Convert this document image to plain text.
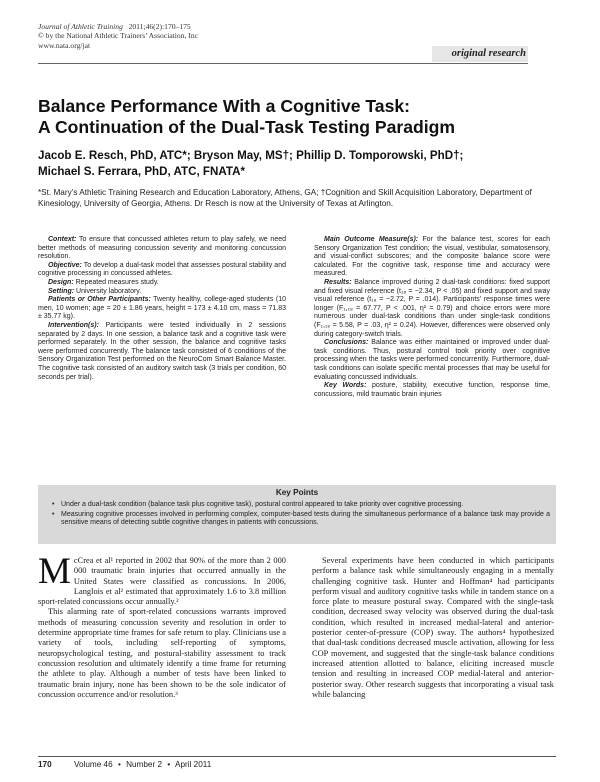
Journal of Athletic Training 2011;46(2):170–175
© by the National Athletic Trainers’ Association, Inc
www.nata.org/jat
original research
Balance Performance With a Cognitive Task:
A Continuation of the Dual-Task Testing Paradigm

Jacob E. Resch, PhD, ATC*; Bryson May, MS†; Phillip D. Tomporowski, PhD†;
Michael S. Ferrara, PhD, ATC, FNATA*

*St. Mary’s Athletic Training Research and Education Laboratory, Athens, GA; †Cognition and Skill Acquisition Laboratory, Department of Kinesiology, University of Georgia, Athens. Dr Resch is now at the University of Texas at Arlington.

Context: To ensure that concussed athletes return to play safely, we need better methods of measuring concussion severity and monitoring concussion resolution.

Objective: To develop a dual-task model that assesses postural stability and cognitive processing in concussed athletes.

Design: Repeated measures study.

Setting: University laboratory.

Patients or Other Participants: Twenty healthy, college-aged students (10 men, 10 women; age = 20 ± 1.86 years, height = 173 ± 4.10 cm, mass = 71.83 ± 35.77 kg).

Intervention(s): Participants were tested individually in 2 sessions separated by 2 days. In one session, a balance task and a cognitive task were performed separately. In the other session, the balance and cognitive tasks were performed concurrently. The balance task consisted of 6 conditions of the Sensory Organization Test performed on the NeuroCom Smart Balance Master. The cognitive task consisted of an auditory switch task (3 trials per condition, 60 seconds per trial).

Main Outcome Measure(s): For the balance test, scores for each Sensory Organization Test condition; the visual, vestibular, somatosensory, and visual-conflict subscores; and the composite balance score were calculated. For the cognitive task, response time and accuracy were measured.

Results: Balance improved during 2 dual-task conditions: fixed support and fixed visual reference (t₁₈ = −2.34, P < .05) and fixed support and sway visual reference (t₁₈ = −2.72, P = .014). Participants’ response times were longer (F₁,₁₈ = 67.77, P < .001, η² = 0.79) and choice errors were more numerous under dual-task conditions than under single-task conditions (F₁,₁₈ = 5.58, P = .03, η² = 0.24). However, differences were observed only during category-switch trials.

Conclusions: Balance was either maintained or improved under dual-task conditions. Thus, postural control took priority over cognitive processing when the tasks were performed concurrently. Furthermore, dual-task conditions can isolate specific mental processes that may be useful for evaluating concussed individuals.

Key Words: posture, stability, executive function, response time, concussions, mild traumatic brain injuries

Key Points
• Under a dual-task condition (balance task plus cognitive task), postural control appeared to take priority over cognitive processing.
• Measuring cognitive processes involved in performing complex, computer-based tests during the simultaneous performance of a balance task may provide a sensitive means of detecting subtle cognitive changes in patients with concussions.

McCrea et al¹ reported in 2002 that 90% of the more than 2 000 000 traumatic brain injuries that occurred annually in the United States were classified as concussions. In 2006, Langlois et al² estimated that approximately 1.6 to 3.8 million sport-related concussions occur annually.²

This alarming rate of sport-related concussions warrants improved methods of measuring concussion severity and resolution in order to determine appropriate time frames for safe return to play. Clinicians use a variety of tools, including self-reporting of symptoms, neuropsychological testing, and postural-stability assessment to track concussion resolution and ultimately identify a time frame for returning the athlete to play. Although a number of tests have been linked to traumatic brain injury, none has been shown to be the sole indicator of concussion occurrence and/or resolution.³

Several experiments have been conducted in which participants perform a balance task while simultaneously engaging in a mentally challenging cognitive task. Hunter and Hoffman⁴ had participants perform visual and auditory cognitive tasks while in tandem stance on a force plate to measure postural sway. Compared with the single-task condition, decreased sway velocity was observed during the dual-task condition, which resulted in increased medial-lateral and anterior-posterior center-of-pressure (COP) sway. The authors⁴ hypothesized that dual-task conditions decreased muscle activation, allowing for less COP movement, and suggested that the single-task balance conditions increased attention allotted to balance, eliciting increased muscle tension and resulting in increased COP medial-lateral and anterior-posterior sway. Other research suggests that incorporating a visual task while balancing

170	Volume 46 • Number 2 • April 2011
